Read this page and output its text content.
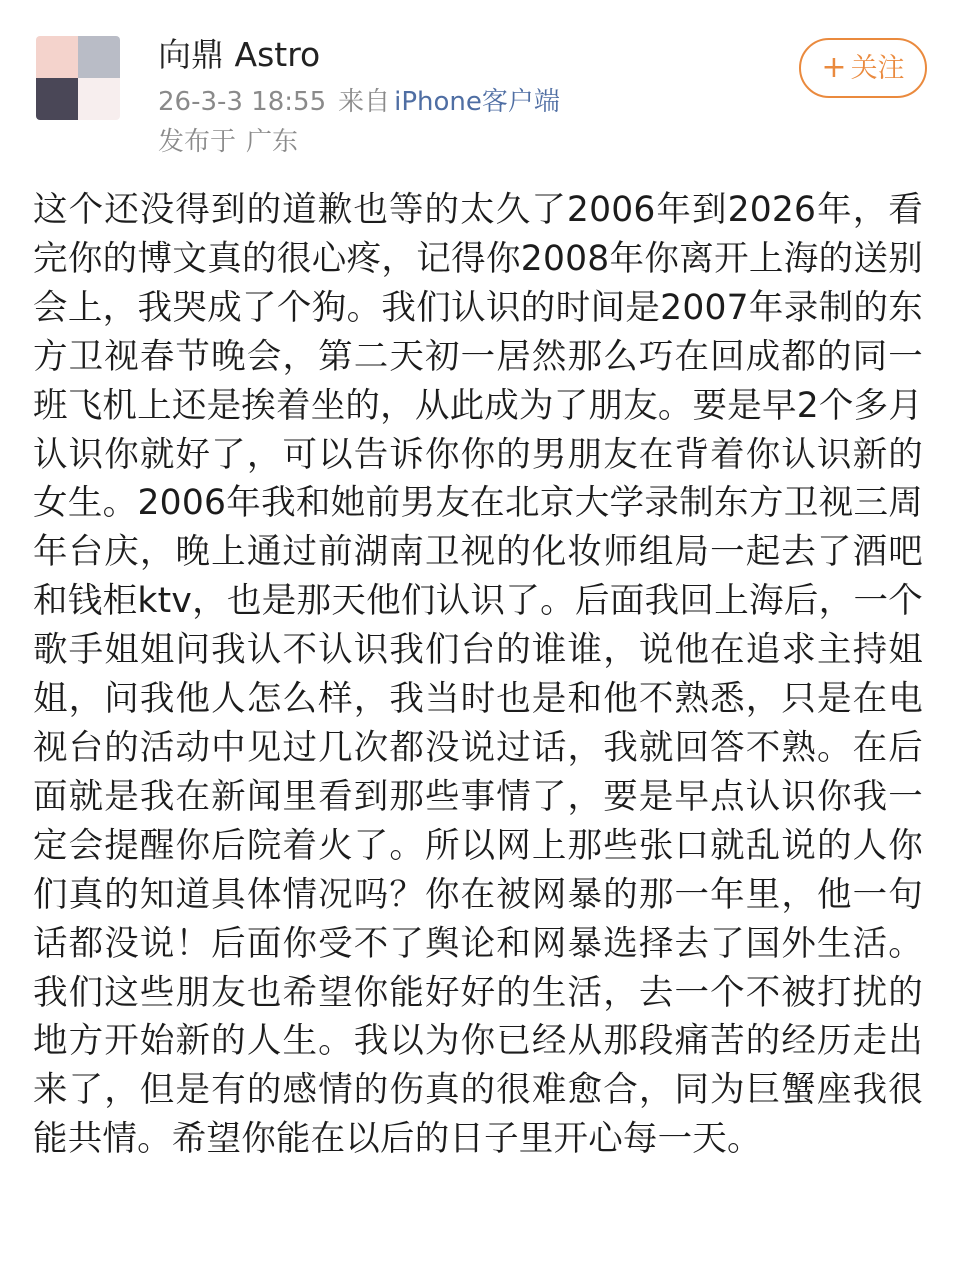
向鼎 Astro
26-3-3 18:55 来自 iPhone客户端
发布于 广东
+ 关注
这个还没得到的道歉也等的太久了2006年到2026年，看完你的博文真的很心疼，记得你2008年你离开上海的送别会上，我哭成了个狗。我们认识的时间是2007年录制的东方卫视春节晚会，第二天初一居然那么巧在回成都的同一班飞机上还是挨着坐的，从此成为了朋友。要是早2个多月认识你就好了，可以告诉你你的男朋友在背着你认识新的女生。2006年我和她前男友在北京大学录制东方卫视三周年台庆，晚上通过前湖南卫视的化妆师组局一起去了酒吧和钱柜ktv，也是那天他们认识了。后面我回上海后，一个歌手姐姐问我认不认识我们台的谁谁，说他在追求主持姐姐，问我他人怎么样，我当时也是和他不熟悉，只是在电视台的活动中见过几次都没说过话，我就回答不熟。在后面就是我在新闻里看到那些事情了，要是早点认识你我一定会提醒你后院着火了。所以网上那些张口就乱说的人你们真的知道具体情况吗？你在被网暴的那一年里，他一句话都没说！后面你受不了舆论和网暴选择去了国外生活。我们这些朋友也希望你能好好的生活，去一个不被打扰的地方开始新的人生。我以为你已经从那段痛苦的经历走出来了，但是有的感情的伤真的很难愈合，同为巨蟹座我很能共情。希望你能在以后的日子里开心每一天。
